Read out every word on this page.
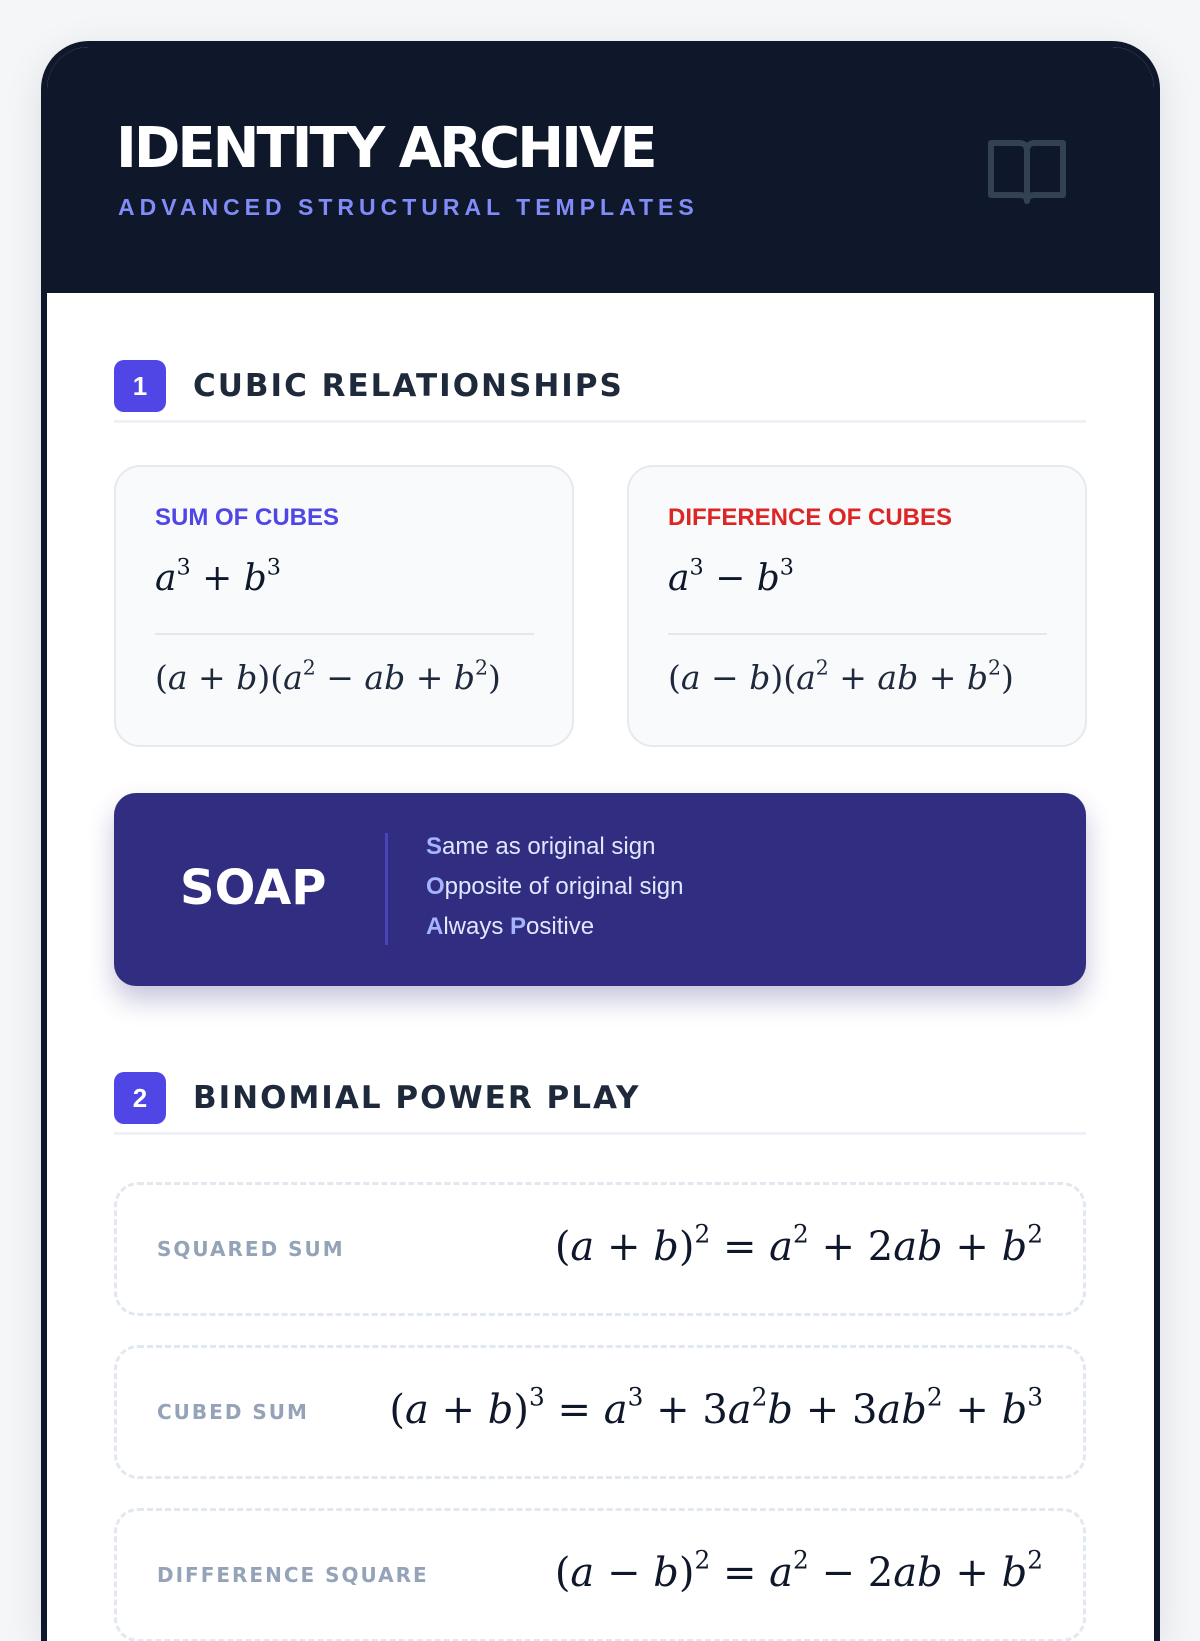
IDENTITY ARCHIVE
ADVANCED STRUCTURAL TEMPLATES
1	CUBIC RELATIONSHIPS
SUM OF CUBES
$a^3 + b^3$
$(a + b)(a^2$ − ab + $b^2$)
DIFFERENCE OF CUBES
$a^3 - b^3$
$(a - b)(a^2$ + ab + $b^2$)
SOAP
Same as original sign
Opposite of original sign
Always Positive
2	BINOMIAL POWER PLAY
SQUARED SUM	$(a + b)^2 = a^2 + 2ab + b^2$
CUBED SUM $(a + b)^3 = a^3 + 3a^2b + 3ab^2 + b^3$
DIFFERENCE SQUARE	$(a - b)^2 = a^2 - 2ab + b^2$
